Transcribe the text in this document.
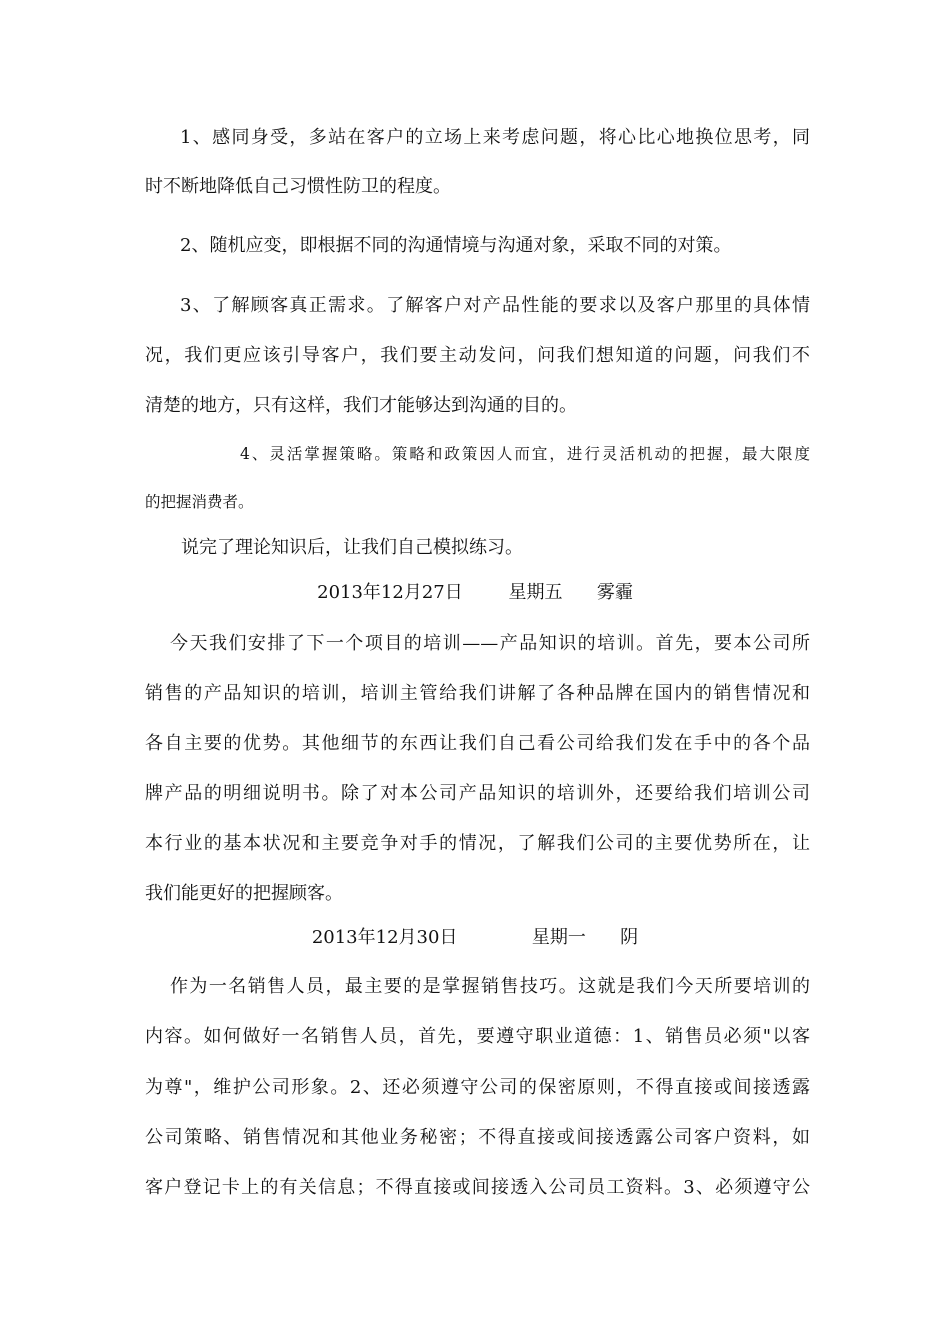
1、感同身受，多站在客户的立场上来考虑问题，将心比心地换位思考，同
时不断地降低自己习惯性防卫的程度。
2、随机应变，即根据不同的沟通情境与沟通对象，采取不同的对策。
3、了解顾客真正需求。了解客户对产品性能的要求以及客户那里的具体情
况，我们更应该引导客户，我们要主动发问，问我们想知道的问题，问我们不
清楚的地方，只有这样，我们才能够达到沟通的目的。
4、灵活掌握策略。策略和政策因人而宜，进行灵活机动的把握，最大限度
的把握消费者。
说完了理论知识后，让我们自己模拟练习。
2013年12月27日        星期五      雾霾
今天我们安排了下一个项目的培训——产品知识的培训。首先，要本公司所
销售的产品知识的培训，培训主管给我们讲解了各种品牌在国内的销售情况和
各自主要的优势。其他细节的东西让我们自己看公司给我们发在手中的各个品
牌产品的明细说明书。除了对本公司产品知识的培训外，还要给我们培训公司
本行业的基本状况和主要竞争对手的情况，了解我们公司的主要优势所在，让
我们能更好的把握顾客。
2013年12月30日             星期一      阴
作为一名销售人员，最主要的是掌握销售技巧。这就是我们今天所要培训的
内容。如何做好一名销售人员，首先，要遵守职业道德：1、销售员必须"以客
为尊"，维护公司形象。2、还必须遵守公司的保密原则，不得直接或间接透露
公司策略、销售情况和其他业务秘密；不得直接或间接透露公司客户资料，如
客户登记卡上的有关信息；不得直接或间接透入公司员工资料。3、必须遵守公
